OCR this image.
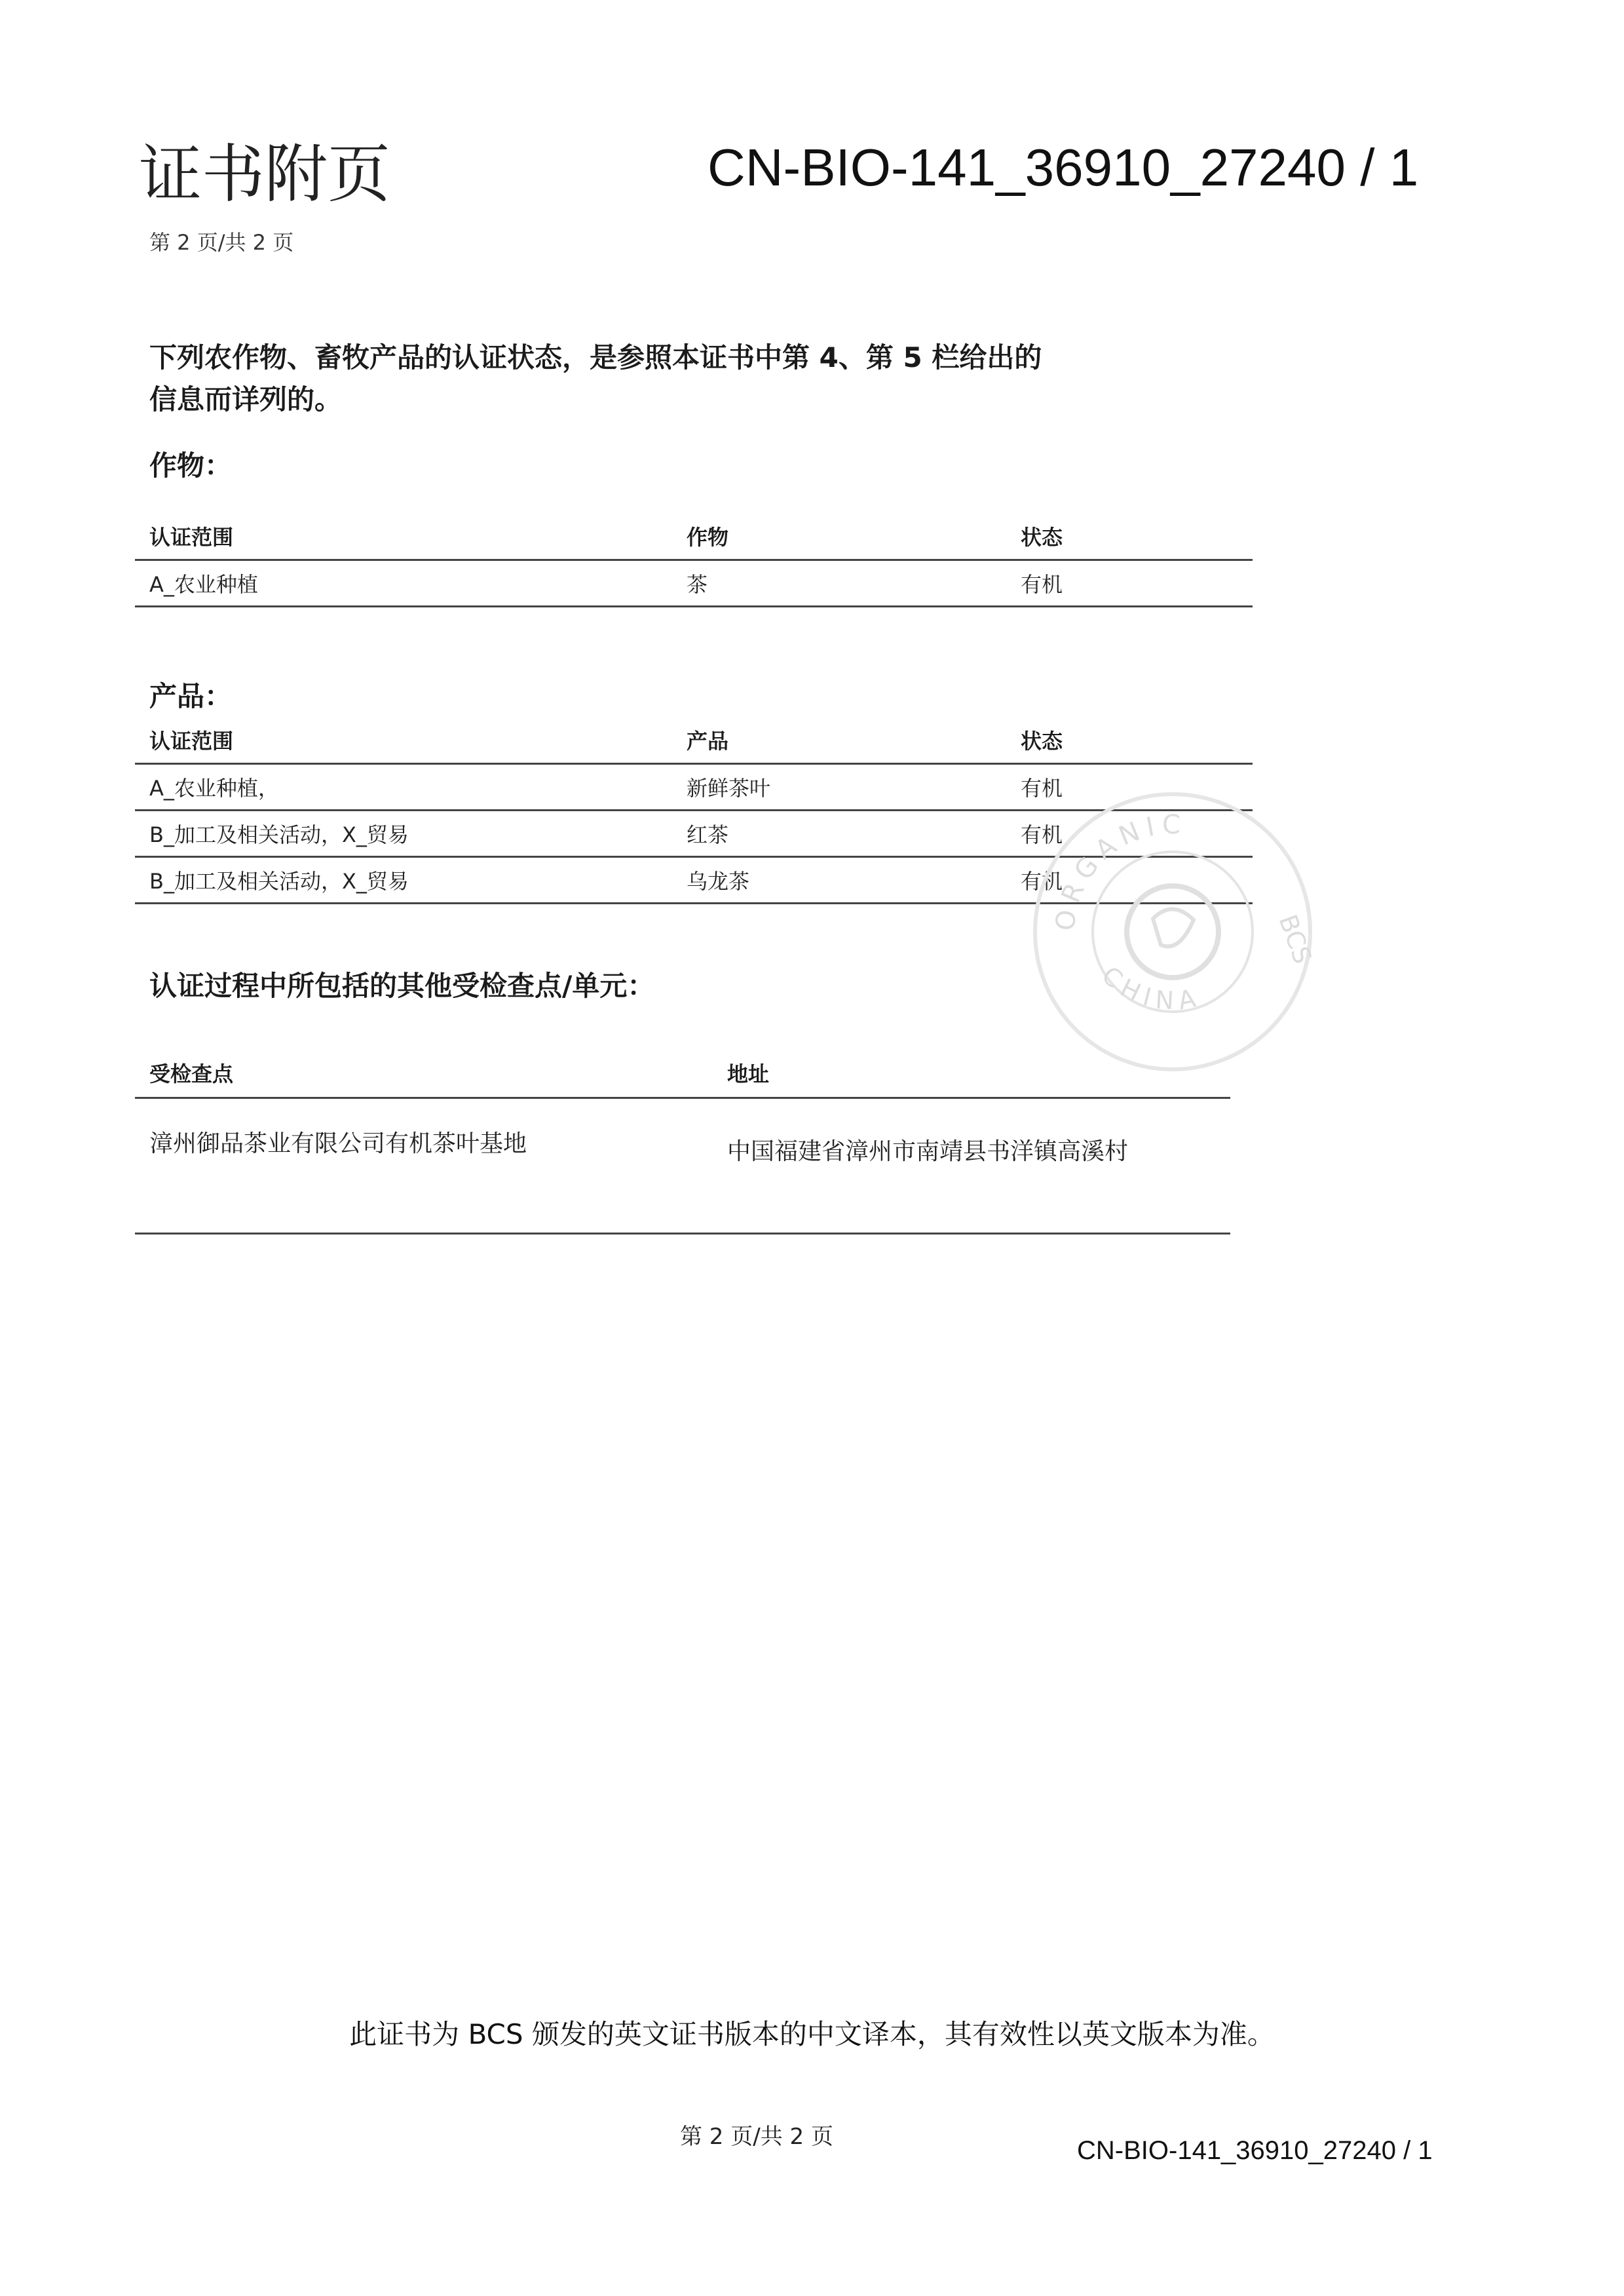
证书附页	CN-BIO-141_36910_27240 / 1
第 2 页/共 2 页
下列农作物、畜牧产品的认证状态，是参照本证书中第 4、第 5 栏给出的
信息而详列的。
作物：
认证范围	作物	状态
A_农业种植	茶	有机
产品：
认证范围	产品	状态
A_农业种植，	新鲜茶叶	有机
B_加工及相关活动，X_贸易	红茶	有机
B_加工及相关活动，X_贸易	乌龙茶	有机
认证过程中所包括的其他受检查点/单元：
受检查点	地址
漳州御品茶业有限公司有机茶叶基地	中国福建省漳州市南靖县书洋镇高溪村
ORGANIC
BCS
CHINA
此证书为 BCS 颁发的英文证书版本的中文译本，其有效性以英文版本为准。
第 2 页/共 2 页	CN-BIO-141_36910_27240 / 1
